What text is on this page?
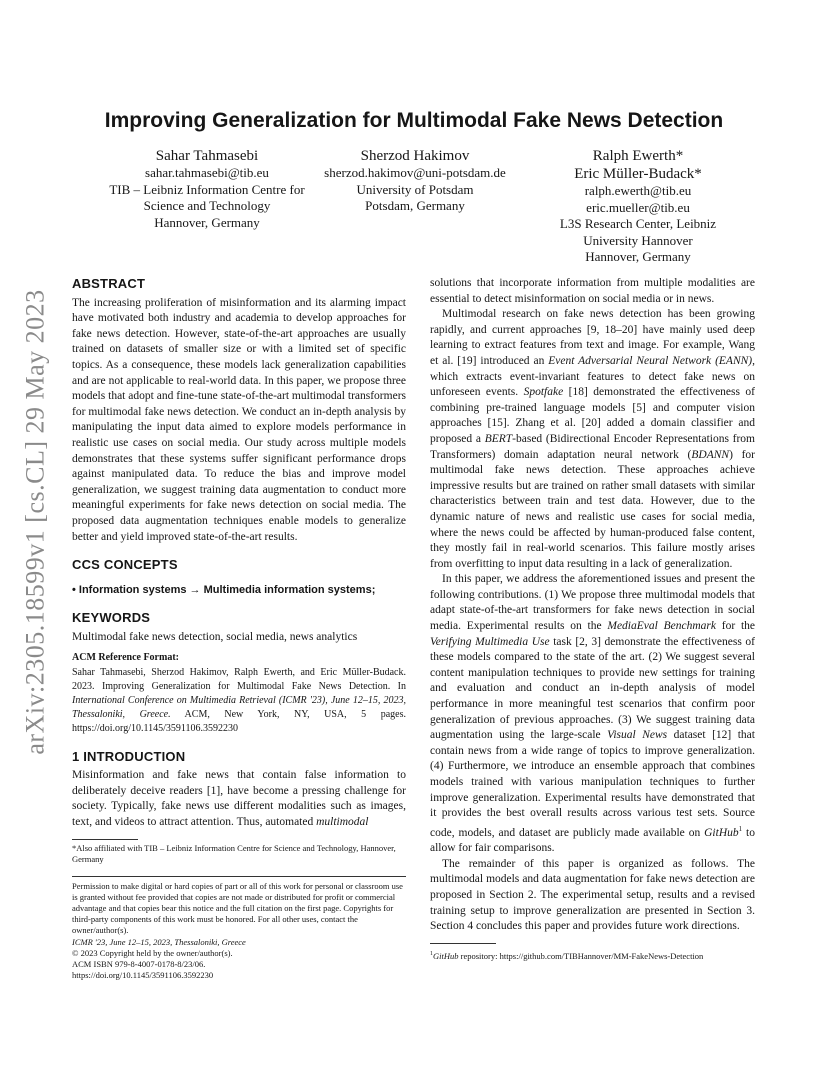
arXiv:2305.18599v1 [cs.CL] 29 May 2023
Improving Generalization for Multimodal Fake News Detection
Sahar Tahmasebi
sahar.tahmasebi@tib.eu
TIB – Leibniz Information Centre for
Science and Technology
Hannover, Germany
Sherzod Hakimov
sherzod.hakimov@uni-potsdam.de
University of Potsdam
Potsdam, Germany
Ralph Ewerth*
Eric Müller-Budack*
ralph.ewerth@tib.eu
eric.mueller@tib.eu
L3S Research Center, Leibniz
University Hannover
Hannover, Germany
ABSTRACT

The increasing proliferation of misinformation and its alarming impact have motivated both industry and academia to develop approaches for fake news detection. However, state-of-the-art approaches are usually trained on datasets of smaller size or with a limited set of specific topics. As a consequence, these models lack generalization capabilities and are not applicable to real-world data. In this paper, we propose three models that adopt and fine-tune state-of-the-art multimodal transformers for multimodal fake news detection. We conduct an in-depth analysis by manipulating the input data aimed to explore models performance in realistic use cases on social media. Our study across multiple models demonstrates that these systems suffer significant performance drops against manipulated data. To reduce the bias and improve model generalization, we suggest training data augmentation to conduct more meaningful experiments for fake news detection on social media. The proposed data augmentation techniques enable models to generalize better and yield improved state-of-the-art results.

CCS CONCEPTS

• Information systems → Multimedia information systems;

KEYWORDS

Multimodal fake news detection, social media, news analytics

ACM Reference Format:
Sahar Tahmasebi, Sherzod Hakimov, Ralph Ewerth, and Eric Müller-Budack. 2023. Improving Generalization for Multimodal Fake News Detection. In International Conference on Multimedia Retrieval (ICMR '23), June 12–15, 2023, Thessaloniki, Greece. ACM, New York, NY, USA, 5 pages. https://doi.org/10.1145/3591106.3592230

1 INTRODUCTION

Misinformation and fake news that contain false information to deliberately deceive readers [1], have become a pressing challenge for society. Typically, fake news use different modalities such as images, text, and videos to attract attention. Thus, automated multimodal

*Also affiliated with TIB – Leibniz Information Centre for Science and Technology, Hannover, Germany

Permission to make digital or hard copies of part or all of this work for personal or classroom use is granted without fee provided that copies are not made or distributed for profit or commercial advantage and that copies bear this notice and the full citation on the first page. Copyrights for third-party components of this work must be honored. For all other uses, contact the owner/author(s).

ICMR '23, June 12–15, 2023, Thessaloniki, Greece

© 2023 Copyright held by the owner/author(s).

ACM ISBN 979-8-4007-0178-8/23/06.

https://doi.org/10.1145/3591106.3592230

solutions that incorporate information from multiple modalities are essential to detect misinformation on social media or in news.

Multimodal research on fake news detection has been growing rapidly, and current approaches [9, 18–20] have mainly used deep learning to extract features from text and image. For example, Wang et al. [19] introduced an Event Adversarial Neural Network (EANN), which extracts event-invariant features to detect fake news on unforeseen events. Spotfake [18] demonstrated the effectiveness of combining pre-trained language models [5] and computer vision approaches [15]. Zhang et al. [20] added a domain classifier and proposed a BERT-based (Bidirectional Encoder Representations from Transformers) domain adaptation neural network (BDANN) for multimodal fake news detection. These approaches achieve impressive results but are trained on rather small datasets with similar characteristics between train and test data. However, due to the dynamic nature of news and realistic use cases for social media, where the news could be affected by human-produced false content, they mostly fail in real-world scenarios. This failure mostly arises from overfitting to input data resulting in a lack of generalization.

In this paper, we address the aforementioned issues and present the following contributions. (1) We propose three multimodal models that adapt state-of-the-art transformers for fake news detection in social media. Experimental results on the MediaEval Benchmark for the Verifying Multimedia Use task [2, 3] demonstrate the effectiveness of these models compared to the state of the art. (2) We suggest several content manipulation techniques to provide new settings for training and evaluation and conduct an in-depth analysis of model performance in more meaningful test scenarios that confirm poor generalization of previous approaches. (3) We suggest training data augmentation using the large-scale Visual News dataset [12] that contain news from a wide range of topics to improve generalization. (4) Furthermore, we introduce an ensemble approach that combines models trained with various manipulation techniques to further improve generalization. Experimental results have demonstrated that it provides the best overall results across various test sets. Source code, models, and dataset are publicly made available on GitHub$^1$ to allow for fair comparisons.

The remainder of this paper is organized as follows. The multimodal models and data augmentation for fake news detection are proposed in Section 2. The experimental setup, results and a revised training setup to improve generalization are presented in Section 3. Section 4 concludes this paper and provides future work directions.

$^1$GitHub repository: https://github.com/TIBHannover/MM-FakeNews-Detection
